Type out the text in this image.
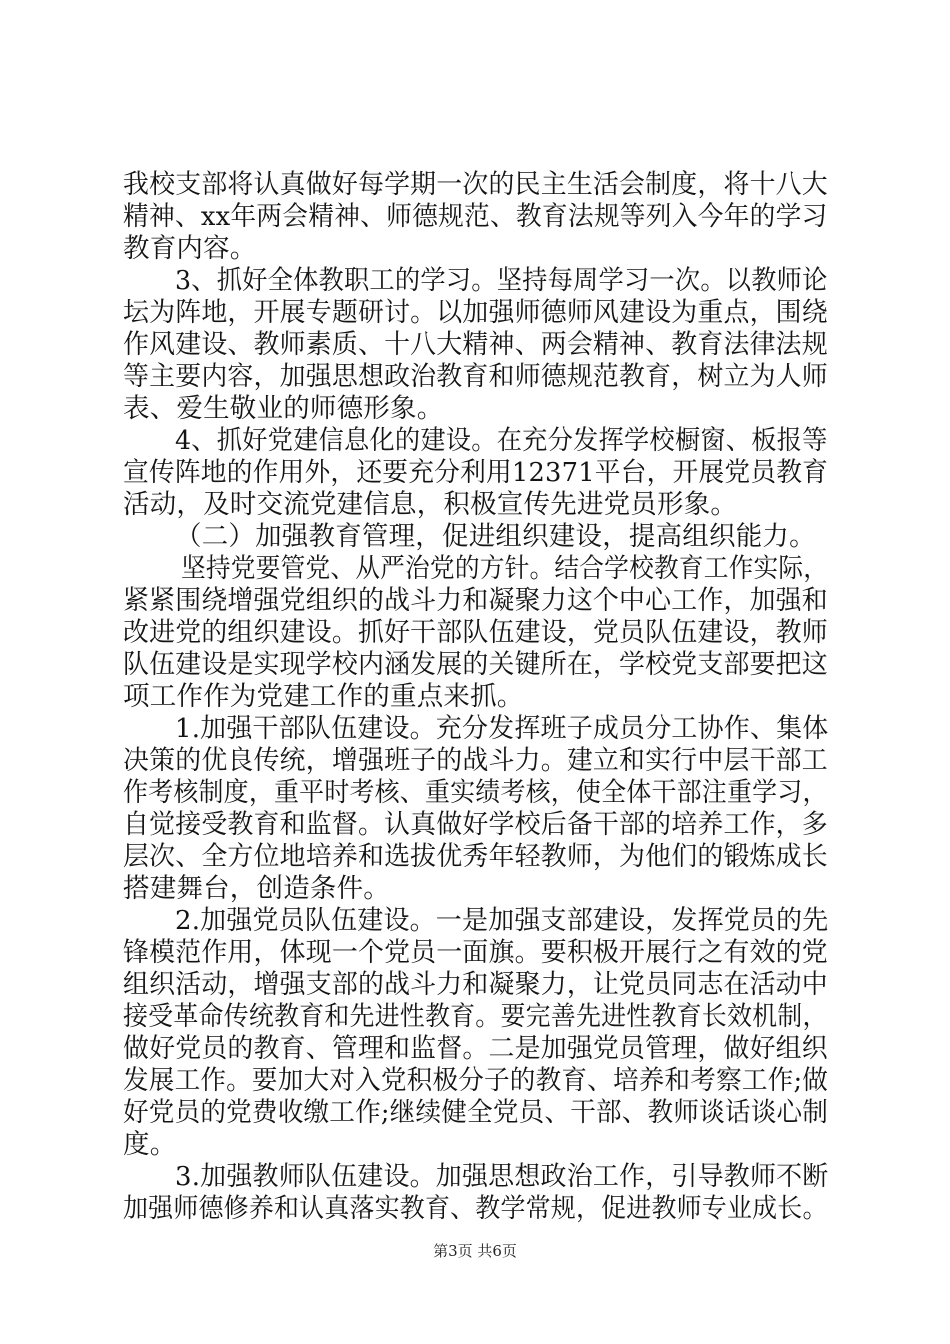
我校支部将认真做好每学期一次的民主生活会制度，将十八大
精神、xx年两会精神、师德规范、教育法规等列入今年的学习
教育内容。
3、抓好全体教职工的学习。坚持每周学习一次。以教师论
坛为阵地，开展专题研讨。以加强师德师风建设为重点，围绕
作风建设、教师素质、十八大精神、两会精神、教育法律法规
等主要内容，加强思想政治教育和师德规范教育，树立为人师
表、爱生敬业的师德形象。
4、抓好党建信息化的建设。在充分发挥学校橱窗、板报等
宣传阵地的作用外，还要充分利用12371平台，开展党员教育
活动，及时交流党建信息，积极宣传先进党员形象。
（二）加强教育管理，促进组织建设，提高组织能力。
坚持党要管党、从严治党的方针。结合学校教育工作实际，
紧紧围绕增强党组织的战斗力和凝聚力这个中心工作，加强和
改进党的组织建设。抓好干部队伍建设，党员队伍建设，教师
队伍建设是实现学校内涵发展的关键所在，学校党支部要把这
项工作作为党建工作的重点来抓。
1.加强干部队伍建设。充分发挥班子成员分工协作、集体
决策的优良传统，增强班子的战斗力。建立和实行中层干部工
作考核制度，重平时考核、重实绩考核，使全体干部注重学习，
自觉接受教育和监督。认真做好学校后备干部的培养工作，多
层次、全方位地培养和选拔优秀年轻教师，为他们的锻炼成长
搭建舞台，创造条件。
2.加强党员队伍建设。一是加强支部建设，发挥党员的先
锋模范作用，体现一个党员一面旗。要积极开展行之有效的党
组织活动，增强支部的战斗力和凝聚力，让党员同志在活动中
接受革命传统教育和先进性教育。要完善先进性教育长效机制，
做好党员的教育、管理和监督。二是加强党员管理，做好组织
发展工作。要加大对入党积极分子的教育、培养和考察工作;做
好党员的党费收缴工作;继续健全党员、干部、教师谈话谈心制
度。
3.加强教师队伍建设。加强思想政治工作，引导教师不断
加强师德修养和认真落实教育、教学常规，促进教师专业成长。
第3页 共6页
